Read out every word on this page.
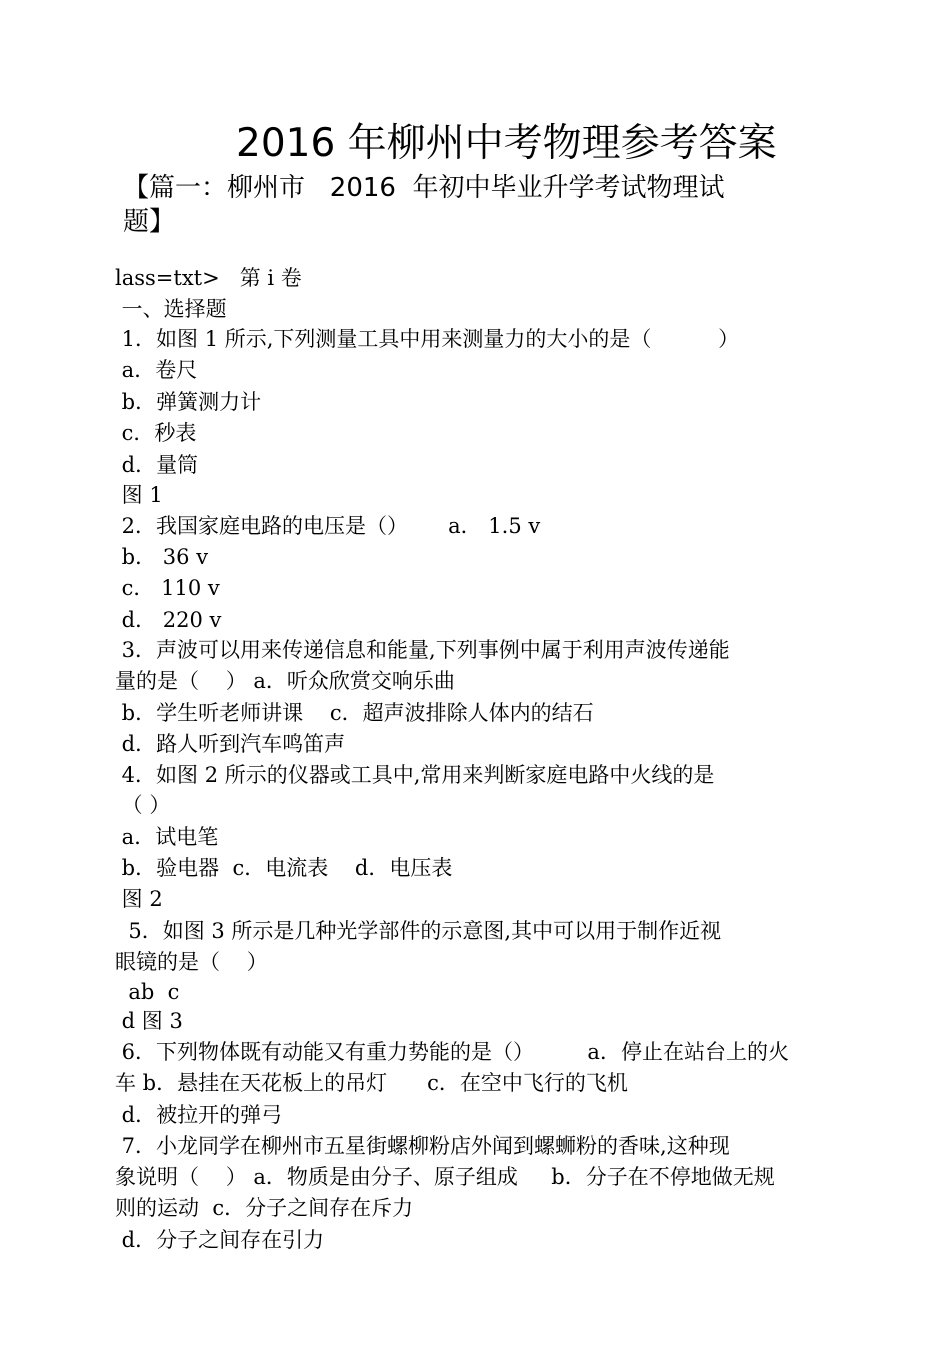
2016 年柳州中考物理参考答案
【篇一：柳州市   2016  年初中毕业升学考试物理试
题】
lass=txt>   第 i 卷
一、选择题
1．如图 1 所示,下列测量工具中用来测量力的大小的是（          ）
a．卷尺
b．弹簧测力计
c．秒表
d．量筒
图 1
2．我国家庭电路的电压是（）      a． 1.5 v
b． 36 v
c． 110 v
d． 220 v
3．声波可以用来传递信息和能量,下列事例中属于利用声波传递能
量的是（    ） a．听众欣赏交响乐曲
b．学生听老师讲课    c．超声波排除人体内的结石
d．路人听到汽车鸣笛声
4．如图 2 所示的仪器或工具中,常用来判断家庭电路中火线的是
（ ）
a．试电笔
b．验电器  c．电流表    d．电压表
图 2
5．如图 3 所示是几种光学部件的示意图,其中可以用于制作近视
眼镜的是（    ）
ab  c
d 图 3
6．下列物体既有动能又有重力势能的是（）        a．停止在站台上的火
车 b．悬挂在天花板上的吊灯      c．在空中飞行的飞机
d．被拉开的弹弓
7．小龙同学在柳州市五星街螺柳粉店外闻到螺蛳粉的香味,这种现
象说明（    ） a．物质是由分子、原子组成     b．分子在不停地做无规
则的运动  c．分子之间存在斥力
d．分子之间存在引力
